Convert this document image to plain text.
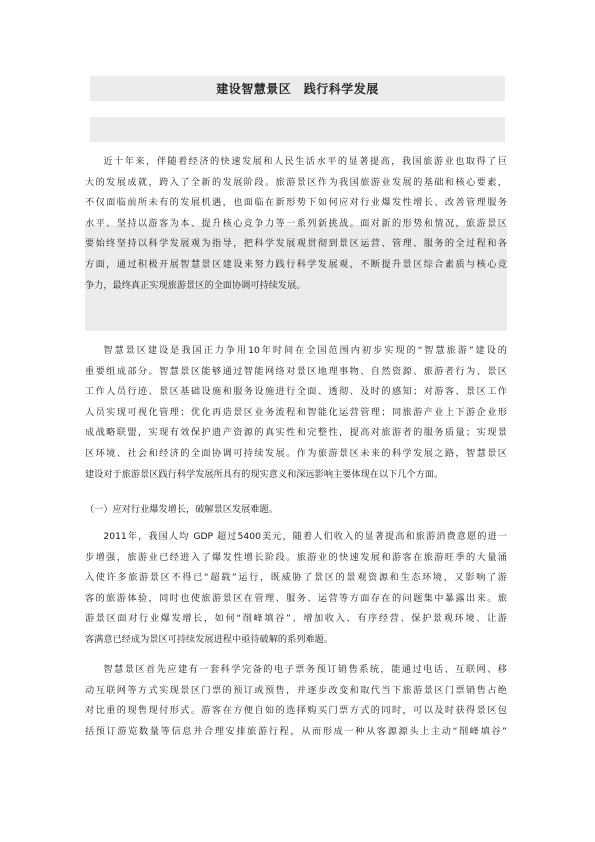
建设智慧景区　践行科学发展
近十年来，伴随着经济的快速发展和人民生活水平的显著提高，我国旅游业也取得了巨
大的发展成就，跨入了全新的发展阶段。旅游景区作为我国旅游业发展的基础和核心要素，
不仅面临前所未有的发展机遇，也面临在新形势下如何应对行业爆发性增长、改善管理服务
水平、坚持以游客为本、提升核心竞争力等一系列新挑战。面对新的形势和情况，旅游景区
要始终坚持以科学发展观为指导，把科学发展观贯彻到景区运营、管理、服务的全过程和各
方面，通过积极开展智慧景区建设来努力践行科学发展观，不断提升景区综合素质与核心竞
争力，最终真正实现旅游景区的全面协调可持续发展。
智慧景区建设是我国正力争用10年时间在全国范围内初步实现的“智慧旅游”建设的
重要组成部分。智慧景区能够通过智能网络对景区地理事物、自然资源、旅游者行为、景区
工作人员行迹、景区基础设施和服务设施进行全面、透彻、及时的感知；对游客、景区工作
人员实现可视化管理；优化再造景区业务流程和智能化运营管理；同旅游产业上下游企业形
成战略联盟，实现有效保护遗产资源的真实性和完整性，提高对旅游者的服务质量；实现景
区环境、社会和经济的全面协调可持续发展。作为旅游景区未来的科学发展之路，智慧景区
建设对于旅游景区践行科学发展所具有的现实意义和深远影响主要体现在以下几个方面。
（一）应对行业爆发增长，破解景区发展难题。
2011年，我国人均 GDP 超过5400美元，随着人们收入的显著提高和旅游消费意愿的进一
步增强，旅游业已经进入了爆发性增长阶段。旅游业的快速发展和游客在旅游旺季的大量涌
入使许多旅游景区不得已“超载”运行，既威胁了景区的景观资源和生态环境，又影响了游
客的旅游体验，同时也使旅游景区在管理、服务、运营等方面存在的问题集中暴露出来。旅
游景区面对行业爆发增长，如何“削峰填谷”、增加收入、有序经营、保护景观环境、让游
客满意已经成为景区可持续发展进程中亟待破解的系列难题。
智慧景区首先应建有一套科学完备的电子票务预订销售系统，能通过电话、互联网、移
动互联网等方式实现景区门票的预订或预售，并逐步改变和取代当下旅游景区门票销售占绝
对比重的现售现付形式。游客在方便自如的选择购买门票方式的同时，可以及时获得景区包
括预订游览数量等信息并合理安排旅游行程，从而形成一种从客源源头上主动“削峰填谷”
